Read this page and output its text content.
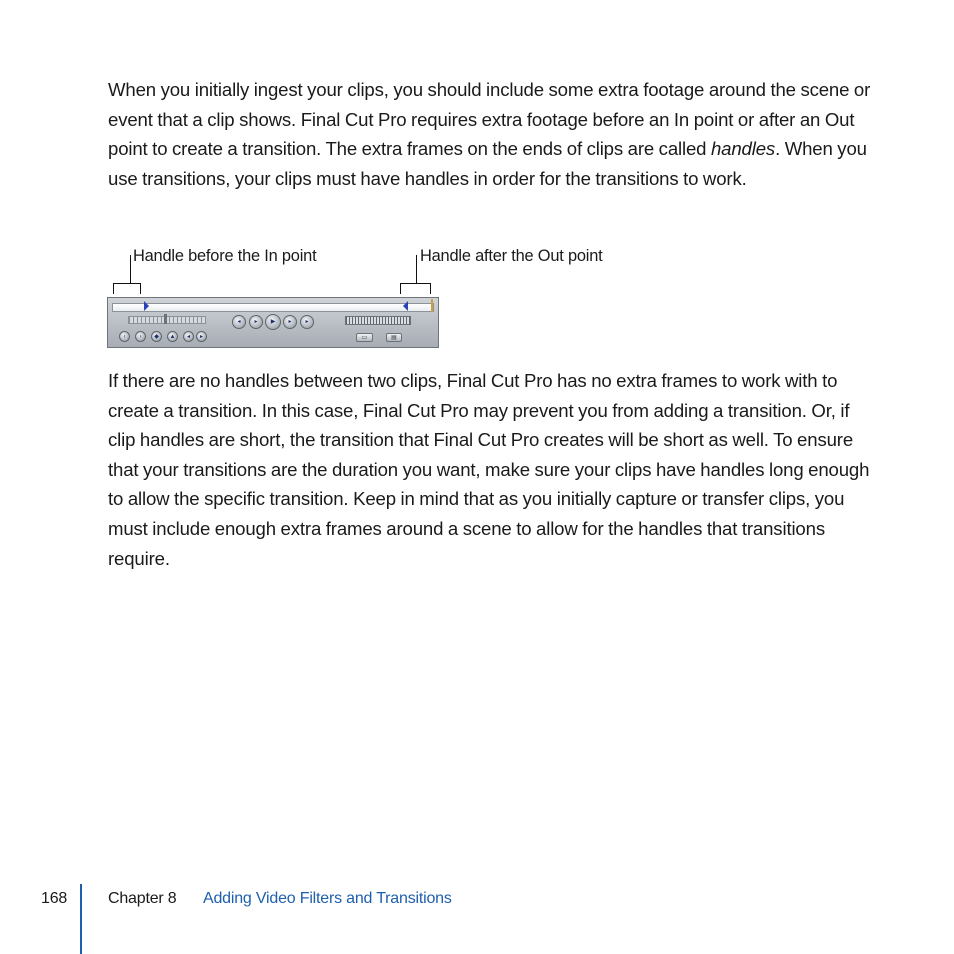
When you initially ingest your clips, you should include some extra footage around the scene or event that a clip shows. Final Cut Pro requires extra footage before an In point or after an Out point to create a transition. The extra frames on the ends of clips are called handles. When you use transitions, your clips must have handles in order for the transitions to work.

Handle before the In point	Handle after the Out point
◂	▸	▶	▸	▸
‹	›	◆	▲	◂	▸	▭	▤

If there are no handles between two clips, Final Cut Pro has no extra frames to work with to create a transition. In this case, Final Cut Pro may prevent you from adding a transition. Or, if clip handles are short, the transition that Final Cut Pro creates will be short as well. To ensure that your transitions are the duration you want, make sure your clips have handles long enough to allow the specific transition. Keep in mind that as you initially capture or transfer clips, you must include enough extra frames around a scene to allow for the handles that transitions require.

168	Chapter 8 Adding Video Filters and Transitions
